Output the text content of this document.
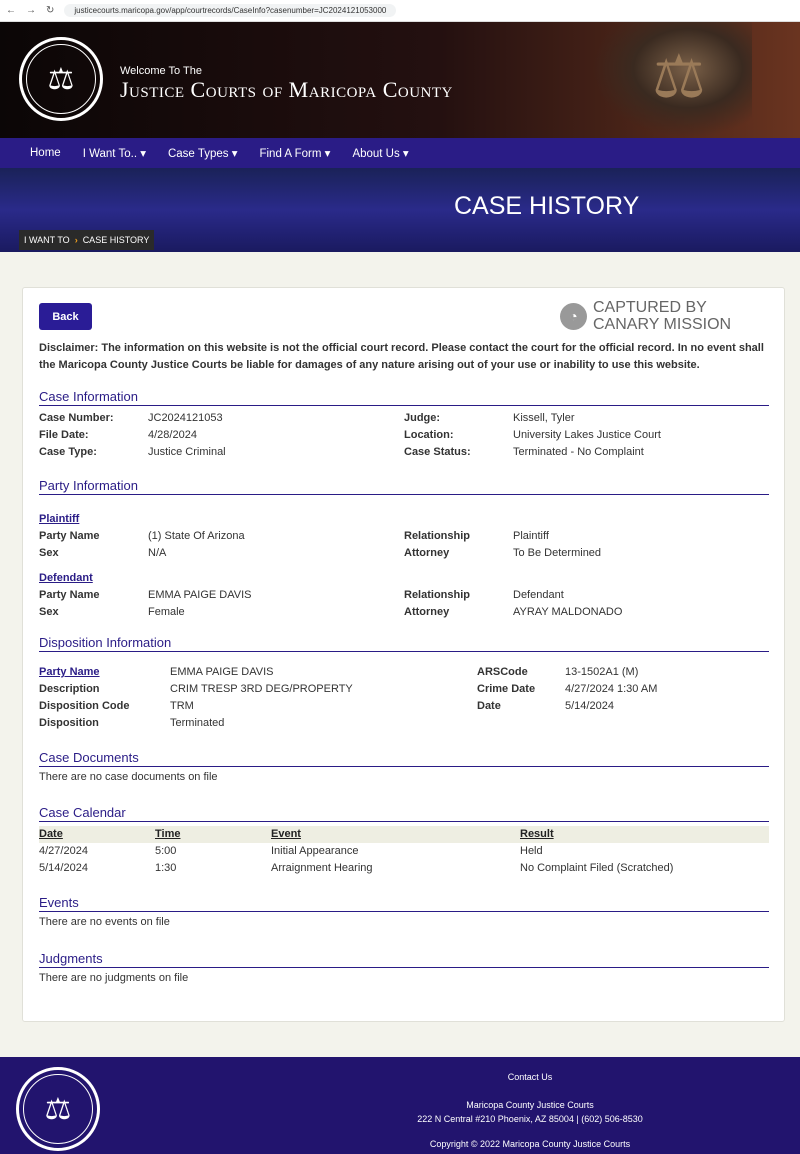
← → ↻	justicecourts.maricopa.gov/app/courtrecords/CaseInfo?casenumber=JC2024121053000
⚖	Welcome To The
Justice Courts of Maricopa County	⚖
Home I Want To.. ▾ Case Types ▾ Find A Form ▾ About Us ▾
CASE HISTORY
I WANT TO › CASE HISTORY
Back	◔ CAPTURED BY
CANARY MISSION
Disclaimer: The information on this website is not the official court record. Please contact the court for the official record. In no event shall the Maricopa County Justice Courts be liable for damages of any nature arising out of your use or inability to use this website.
Case Information
Case Number:	JC2024121053	Judge:	Kissell, Tyler
File Date:	4/28/2024	Location:	University Lakes Justice Court
Case Type:	Justice Criminal	Case Status:	Terminated - No Complaint
Party Information
Plaintiff
Party Name	(1) State Of Arizona	Relationship	Plaintiff
Sex	N/A	Attorney	To Be Determined
Defendant
Party Name	EMMA PAIGE DAVIS	Relationship	Defendant
Sex	Female	Attorney	AYRAY MALDONADO
Disposition Information
Party Name	EMMA PAIGE DAVIS	ARSCode	13-1502A1 (M)
Description	CRIM TRESP 3RD DEG/PROPERTY	Crime Date	4/27/2024 1:30 AM
Disposition Code	TRM	Date	5/14/2024
Disposition	Terminated
Case Documents
There are no case documents on file
Case Calendar
Date	Time	Event	Result
4/27/2024	5:00	Initial Appearance	Held
5/14/2024	1:30	Arraignment Hearing	No Complaint Filed (Scratched)
Events
There are no events on file
Judgments
There are no judgments on file
⚖

Contact Us

Maricopa County Justice Courts

222 N Central #210 Phoenix, AZ 85004 | (602) 506-8530

Copyright © 2022 Maricopa County Justice Courts
